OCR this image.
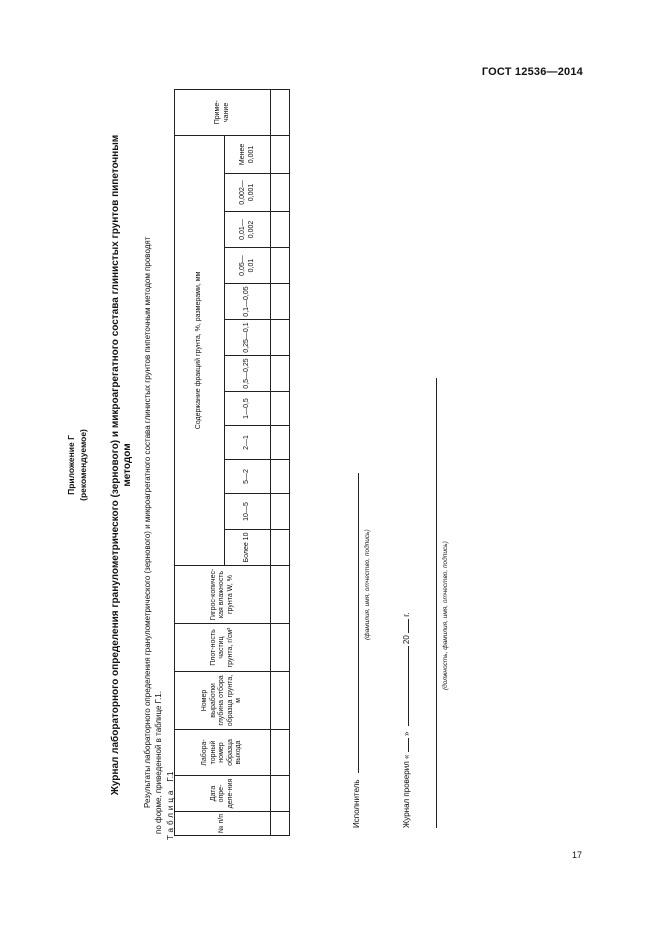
ГОСТ 12536—2014
Журнал лабораторного определения гранулометрического (зернового) и микроагрегатного состава глинистых грунтов пипеточным методом Результаты лабораторного определения гранулометрического (зернового) и микроагрегатного состава глинистых грунтов пипеточным методом проводят по форме, приведенной в таблице Г.1. ТаблицаГ.1
№ п/п	Дата опре-деле-ния	Лабора-торный номер образца выхода	Номер выработки глубина отбора образца грунта, м	Плот-ность частиц грунта, г/см³	Гигрос-копичес-кая влажность грунта W, %	Содержание фракций грунта, %, размерами, мм												Приме-чание
						Более 10	10—5	5—2	2—1	1—0,5	0,5—0,25	0,25—0,1	0,1—0,05	0,05—0,01	0,01—0,002	0,002—0,001	Менее 0,001	

Приложение Г (рекомендуемое)
Исполнитель
(фамилия, имя, отчество, подпись)
Журнал проверил «  »  20  г.	(должность, фамилия, имя, отчество, подпись)
17
